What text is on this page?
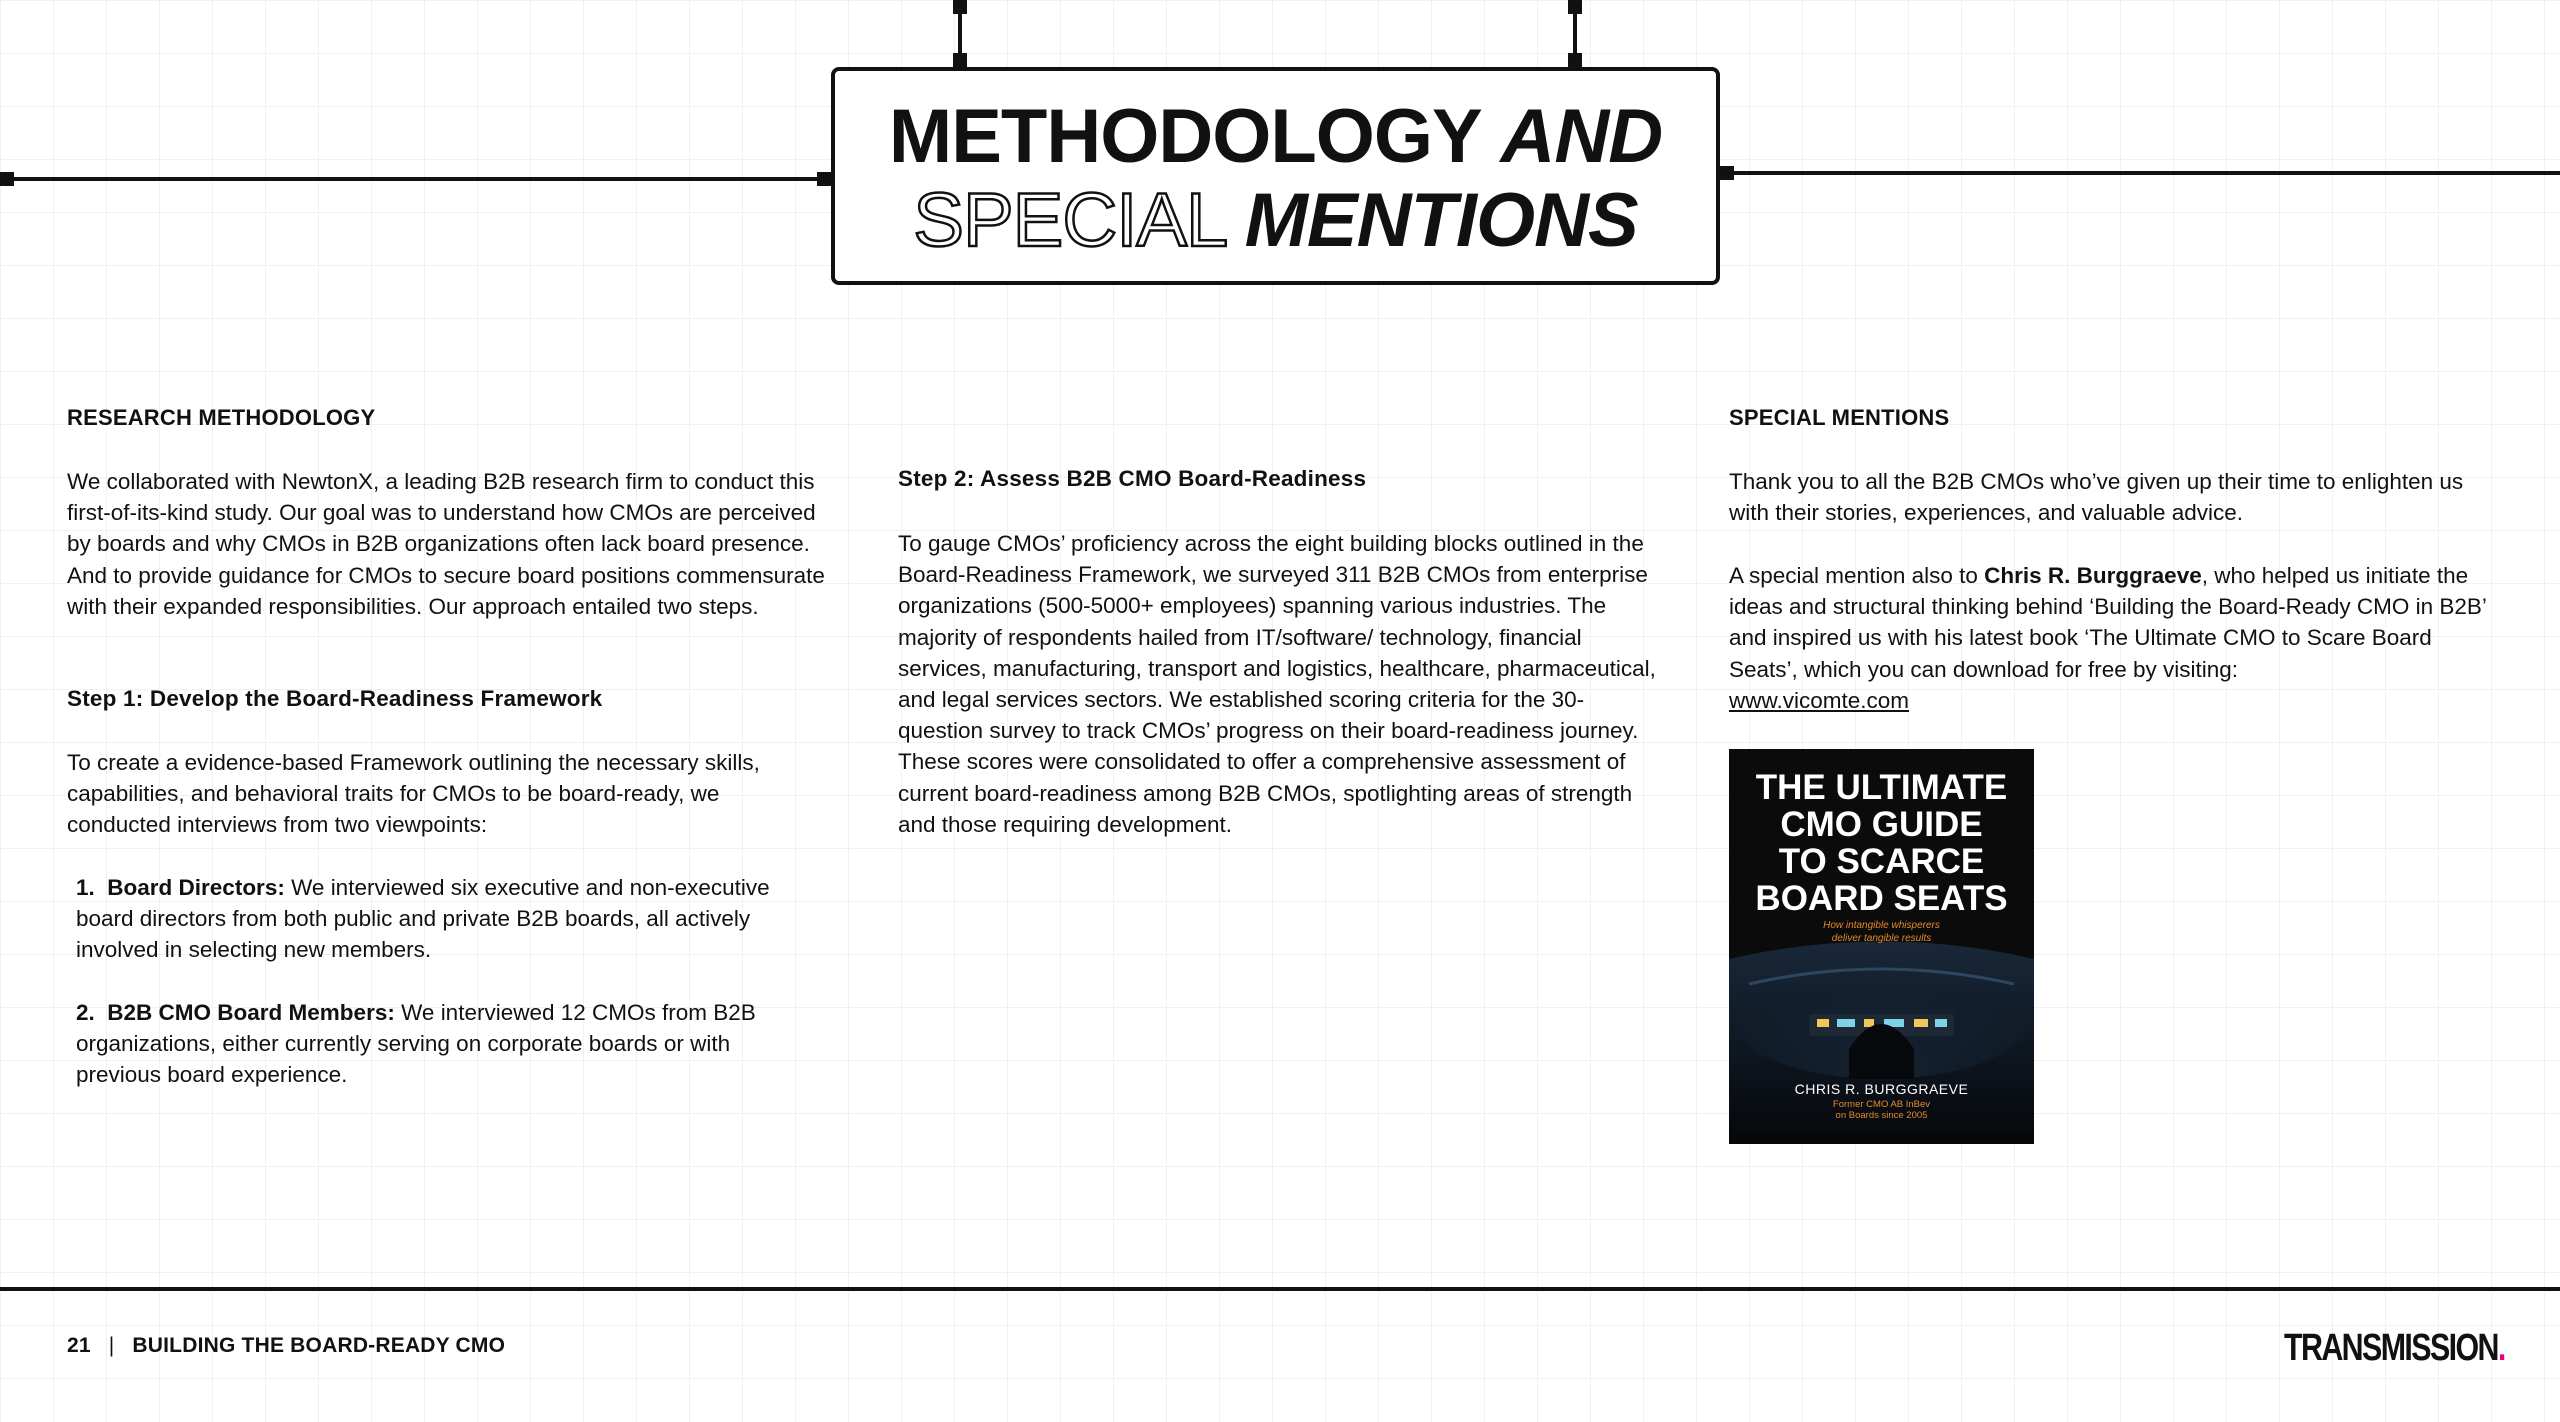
METHODOLOGY AND
SPECIAL MENTIONS
RESEARCH METHODOLOGY

We collaborated with NewtonX, a leading B2B research firm to conduct this first-of-its-kind study. Our goal was to understand how CMOs are perceived by boards and why CMOs in B2B organizations often lack board presence. And to provide guidance for CMOs to secure board positions commensurate with their expanded responsibilities. Our approach entailed two steps.

Step 1: Develop the Board-Readiness Framework

To create a evidence-based Framework outlining the necessary skills, capabilities, and behavioral traits for CMOs to be board-ready, we conducted interviews from two viewpoints:

1. Board Directors: We interviewed six executive and non-executive board directors from both public and private B2B boards, all actively involved in selecting new members.
2. B2B CMO Board Members: We interviewed 12 CMOs from B2B organizations, either currently serving on corporate boards or with previous board experience.
Step 2: Assess B2B CMO Board-Readiness

To gauge CMOs’ proficiency across the eight building blocks outlined in the Board-Readiness Framework, we surveyed 311 B2B CMOs from enterprise organizations (500-5000+ employees) spanning various industries. The majority of respondents hailed from IT/software/ technology, financial services, manufacturing, transport and logistics, healthcare, pharmaceutical, and legal services sectors. We established scoring criteria for the 30-question survey to track CMOs’ progress on their board-readiness journey. These scores were consolidated to offer a comprehensive assessment of current board-readiness among B2B CMOs, spotlighting areas of strength and those requiring development.

SPECIAL MENTIONS

Thank you to all the B2B CMOs who’ve given up their time to enlighten us with their stories, experiences, and valuable advice.

A special mention also to Chris R. Burggraeve, who helped us initiate the ideas and structural thinking behind ‘Building the Board-Ready CMO in B2B’ and inspired us with his latest book ‘The Ultimate CMO to Scare Board Seats’, which you can download for free by visiting:
www.vicomte.com

THE ULTIMATE
CMO GUIDE
TO SCARCE
BOARD SEATS
How intangible whisperers
deliver tangible results
CHRIS R. BURGGRAEVE
Former CMO AB InBev
on Boards since 2005
21 | BUILDING THE BOARD-READY CMO	TRANSMISSION.
